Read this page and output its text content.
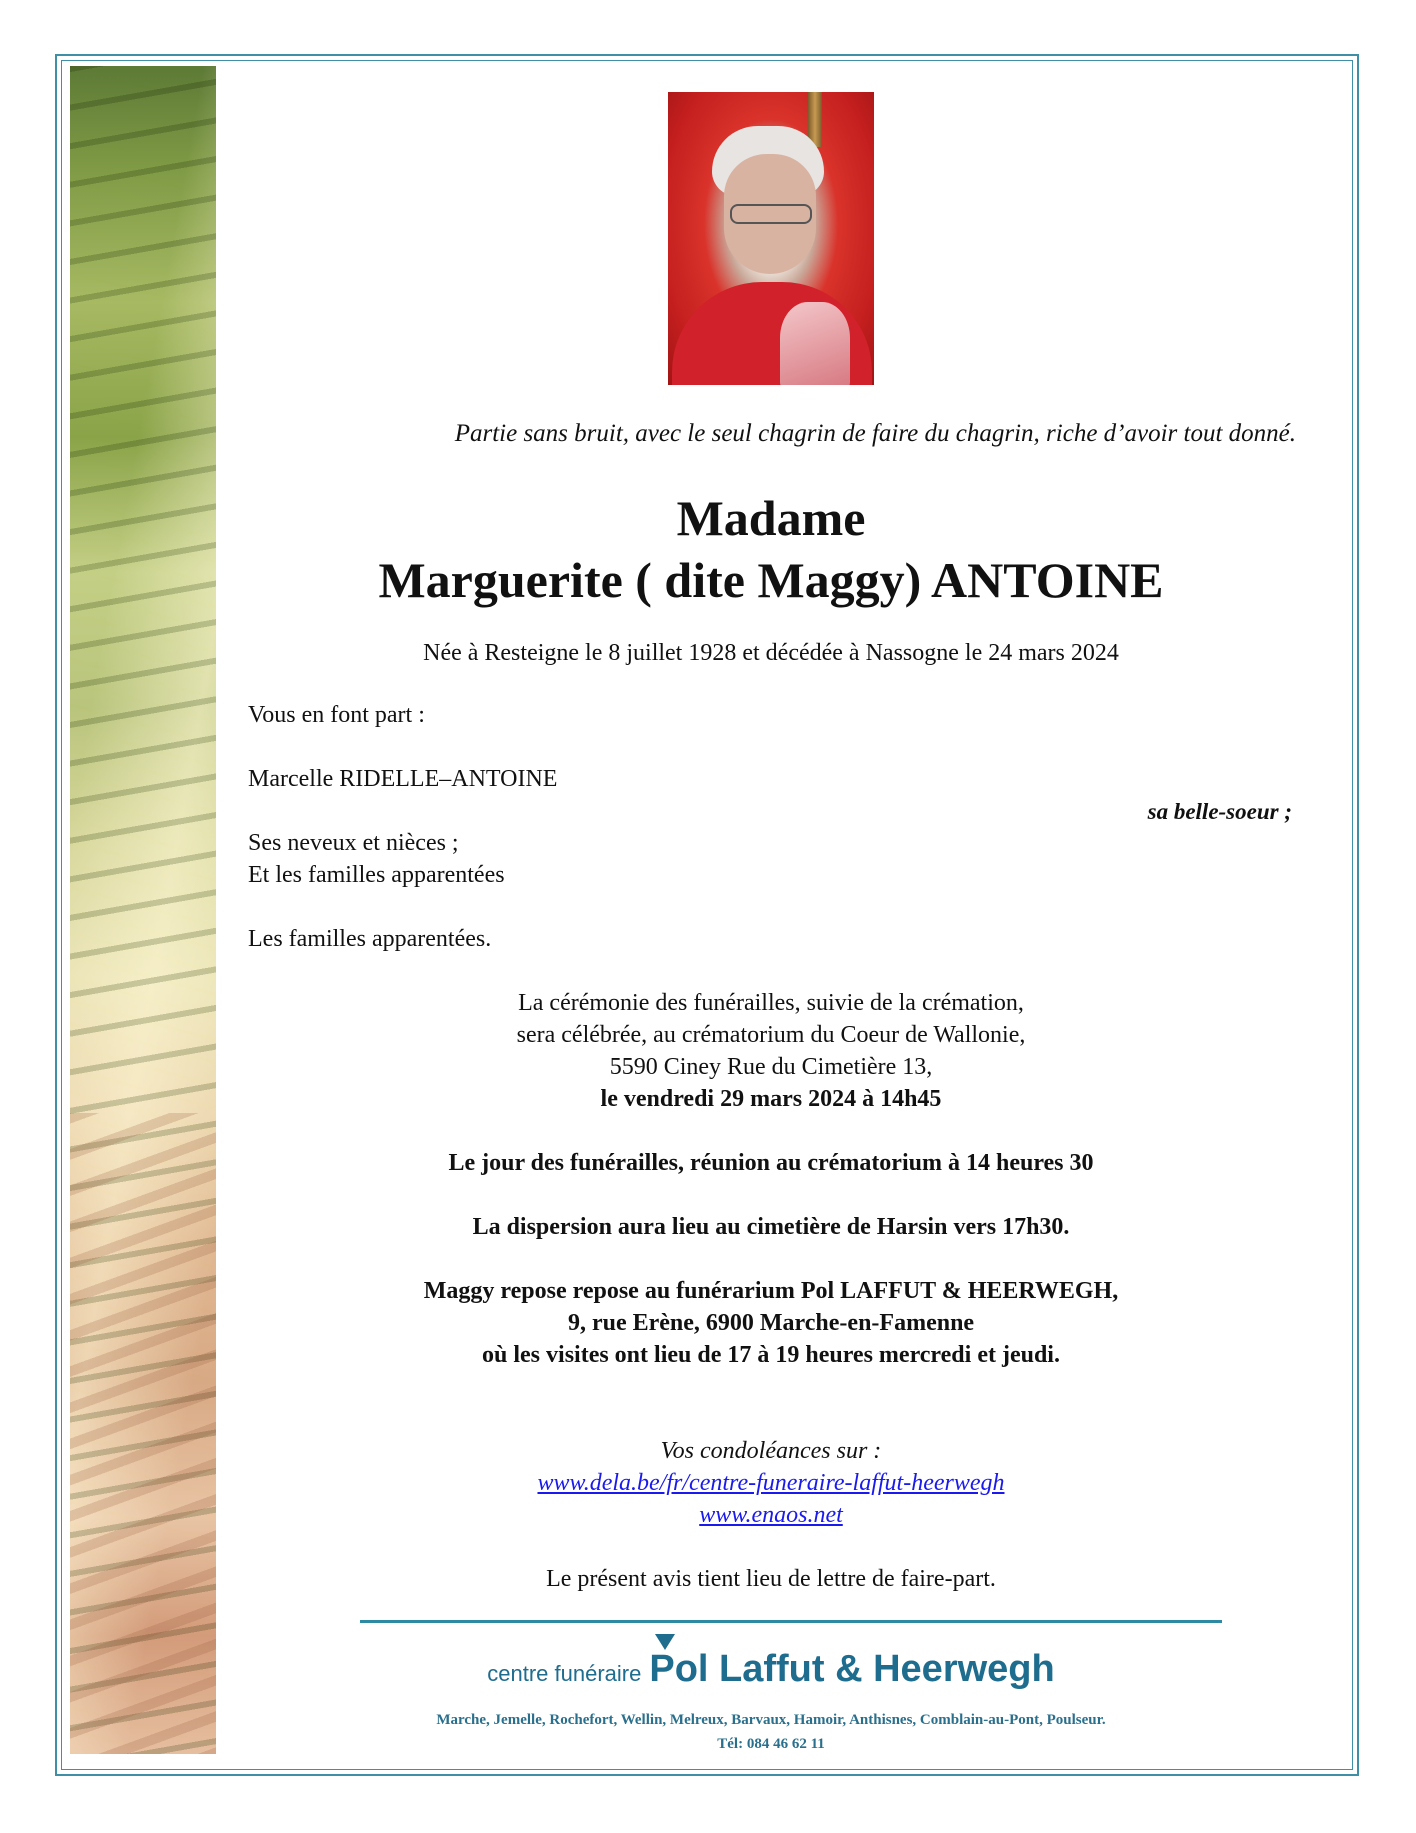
Partie sans bruit, avec le seul chagrin de faire du chagrin, riche d’avoir tout donné.

Madame

Marguerite ( dite Maggy) ANTOINE

Née à Resteigne le 8 juillet 1928 et décédée à Nassogne le 24 mars 2024

Vous en font part :

Marcelle RIDELLE–ANTOINE

sa belle-soeur ;

Ses neveux et nièces ;

Et les familles apparentées

Les familles apparentées.

La cérémonie des funérailles, suivie de la crémation,

sera célébrée, au crématorium du Coeur de Wallonie,

5590 Ciney Rue du Cimetière 13,

le vendredi 29 mars 2024 à 14h45

Le jour des funérailles, réunion au crématorium à 14 heures 30

La dispersion aura lieu au cimetière de Harsin vers 17h30.

Maggy repose repose au funérarium Pol LAFFUT & HEERWEGH,

9, rue Erène, 6900 Marche-en-Famenne

où les visites ont lieu de 17 à 19 heures mercredi et jeudi.

Vos condoléances sur :

www.dela.be/fr/centre-funeraire-laffut-heerwegh

www.enaos.net

Le présent avis tient lieu de lettre de faire-part.

centre funéraire Pol Laffut & Heerwegh

Marche, Jemelle, Rochefort, Wellin, Melreux, Barvaux, Hamoir, Anthisnes, Comblain-au-Pont, Poulseur.

Tél: 084 46 62 11
